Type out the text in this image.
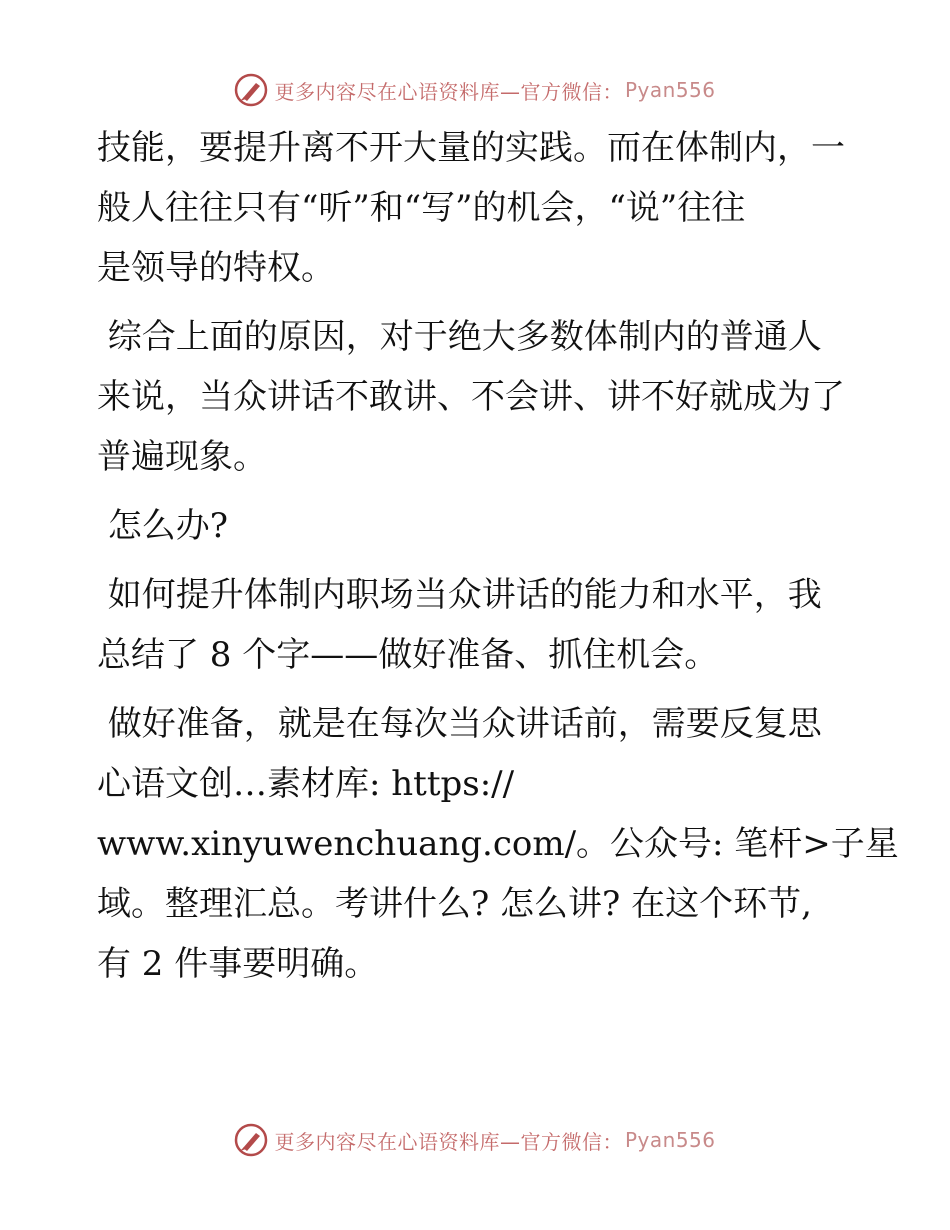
更多内容尽在心语资料库—官方微信： Pyan556
技能，要提升离不开大量的实践。而在体制内，一
般人往往只有“听”和“写”的机会，“说”往往
是领导的特权。
综合上面的原因，对于绝大多数体制内的普通人
来说，当众讲话不敢讲、不会讲、讲不好就成为了
普遍现象。
怎么办?
如何提升体制内职场当众讲话的能力和水平，我
总结了 8 个字——做好准备、抓住机会。
做好准备，就是在每次当众讲话前，需要反复思
心语文创…素材库: https://
www.xinyuwenchuang.com/。公众号: 笔杆>子星
域。整理汇总。考讲什么? 怎么讲? 在这个环节,
有 2 件事要明确。
更多内容尽在心语资料库—官方微信： Pyan556
